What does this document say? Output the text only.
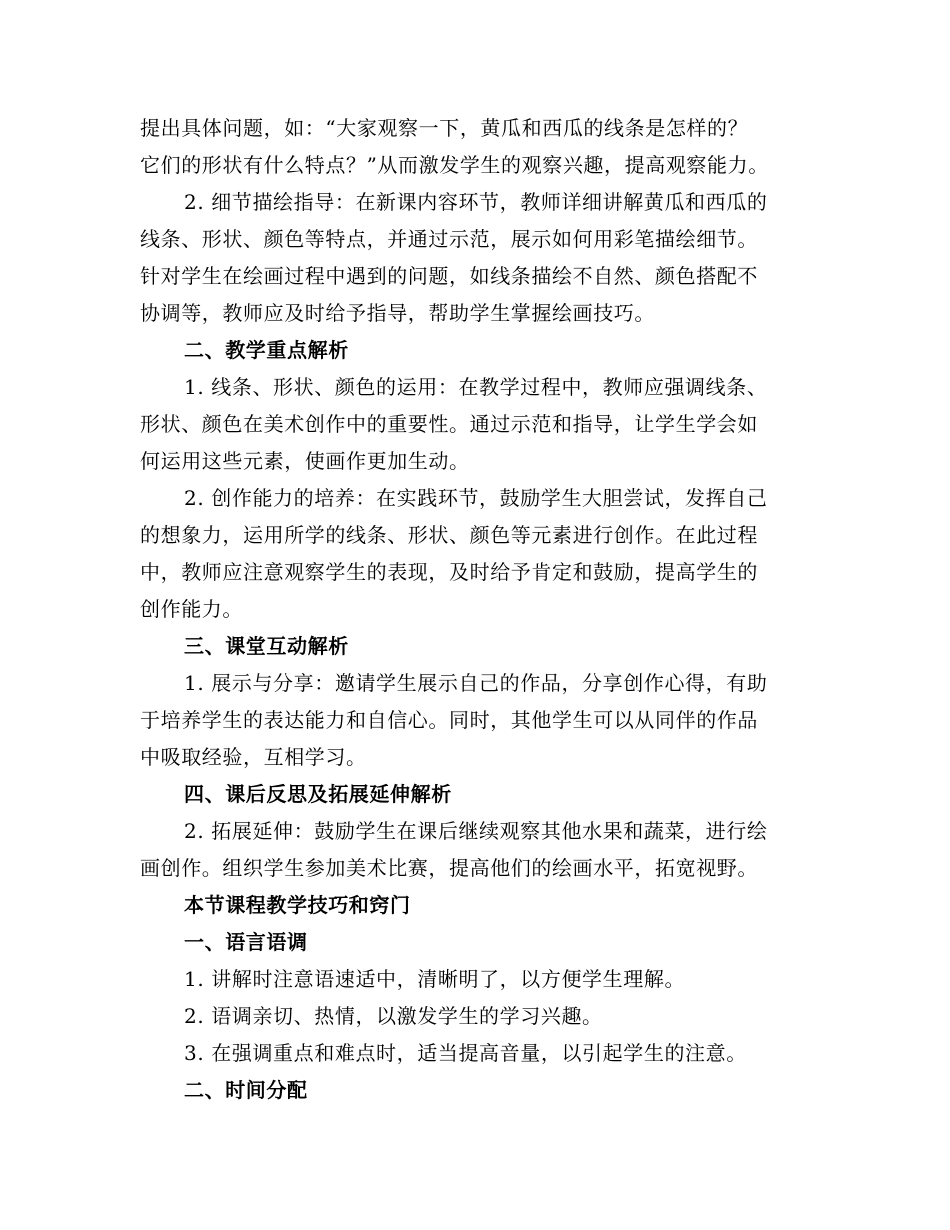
提出具体问题，如：“大家观察一下，黄瓜和西瓜的线条是怎样的？
它们的形状有什么特点？”从而激发学生的观察兴趣，提高观察能力。
2. 细节描绘指导：在新课内容环节，教师详细讲解黄瓜和西瓜的
线条、形状、颜色等特点，并通过示范，展示如何用彩笔描绘细节。
针对学生在绘画过程中遇到的问题，如线条描绘不自然、颜色搭配不
协调等，教师应及时给予指导，帮助学生掌握绘画技巧。
二、教学重点解析
1. 线条、形状、颜色的运用：在教学过程中，教师应强调线条、
形状、颜色在美术创作中的重要性。通过示范和指导，让学生学会如
何运用这些元素，使画作更加生动。
2. 创作能力的培养：在实践环节，鼓励学生大胆尝试，发挥自己
的想象力，运用所学的线条、形状、颜色等元素进行创作。在此过程
中，教师应注意观察学生的表现，及时给予肯定和鼓励，提高学生的
创作能力。
三、课堂互动解析
1. 展示与分享：邀请学生展示自己的作品，分享创作心得，有助
于培养学生的表达能力和自信心。同时，其他学生可以从同伴的作品
中吸取经验，互相学习。
四、课后反思及拓展延伸解析
2. 拓展延伸：鼓励学生在课后继续观察其他水果和蔬菜，进行绘
画创作。组织学生参加美术比赛，提高他们的绘画水平，拓宽视野。
本节课程教学技巧和窍门
一、语言语调
1. 讲解时注意语速适中，清晰明了，以方便学生理解。
2. 语调亲切、热情，以激发学生的学习兴趣。
3. 在强调重点和难点时，适当提高音量，以引起学生的注意。
二、时间分配
